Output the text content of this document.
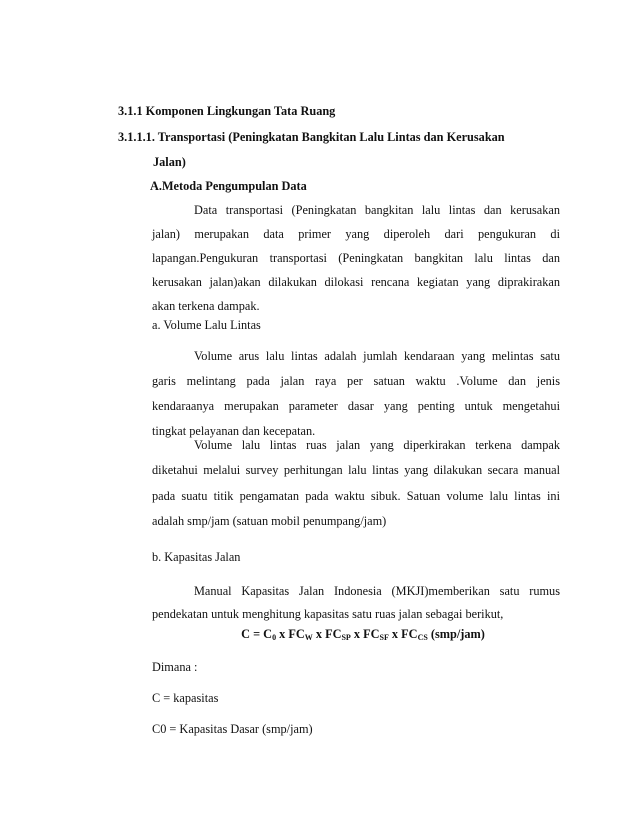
3.1.1 Komponen Lingkungan Tata Ruang
3.1.1.1. Transportasi (Peningkatan Bangkitan Lalu Lintas dan Kerusakan
Jalan)
A.Metoda Pengumpulan Data
Data transportasi (Peningkatan bangkitan lalu lintas dan kerusakan
jalan) merupakan data primer yang diperoleh dari pengukuran di
lapangan.Pengukuran transportasi (Peningkatan bangkitan lalu lintas dan
kerusakan jalan)akan dilakukan dilokasi rencana kegiatan yang diprakirakan
akan terkena dampak.
a. Volume Lalu Lintas
Volume arus lalu lintas adalah jumlah kendaraan yang melintas satu
garis melintang pada jalan raya per satuan waktu .Volume dan jenis
kendaraanya merupakan parameter dasar yang penting untuk mengetahui
tingkat pelayanan dan kecepatan.
Volume lalu lintas ruas jalan yang diperkirakan terkena dampak
diketahui melalui survey perhitungan lalu lintas yang dilakukan secara manual
pada suatu titik pengamatan pada waktu sibuk. Satuan volume lalu lintas ini
adalah smp/jam (satuan mobil penumpang/jam)
b. Kapasitas Jalan
Manual Kapasitas Jalan Indonesia (MKJI)memberikan satu rumus
pendekatan untuk menghitung kapasitas satu ruas jalan sebagai berikut,
$C = C_0$ x $FC_W$ x $FC_{SP}$ x $FC_{SF}$ x $FC_{CS}$ (smp/jam)
Dimana :
C = kapasitas
C0 = Kapasitas Dasar (smp/jam)
